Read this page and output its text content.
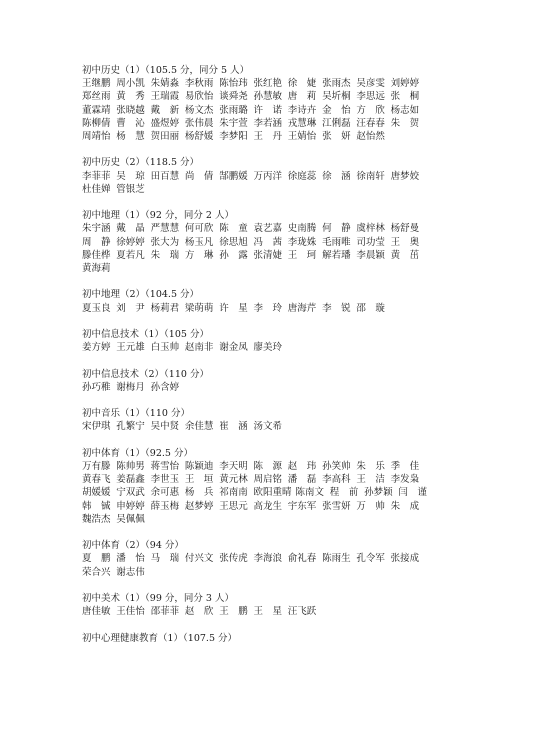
初中历史（1）（105.5 分，同分 5 人）
王继鹏 周小凯 朱婧淼 李秋雨 陈怡玮 张红艳 徐　婕 张雨杰 吴彦雯 刘婷婷
郑丝雨 黄　秀 王瑞霞 易欣怡 谈舜尧 孙慧敏 唐　莉 吴圻桐 李思远 张　桐
董霖靖 张晓越 戴　新 杨文杰 张雨璐 许　诺 李诗卉 金　怡 方　欣 杨志如
陈柳倩 曹　沁 盛煜婷 张伟晨 朱宇萱 李若涵 戎慧琳 江俐磊 汪春春 朱　贺
周靖怡 杨　慧 贺田丽 杨舒媛 李梦阳 王　丹 王婧怡 张　妍 赵怡然
初中历史（2）（118.5 分）
李菲菲 吴　琼 田百慧 尚　倩 郜鹏媛 万丙洋 徐庭蕊 徐　涵 徐南轩 唐梦姣
杜佳婵 管银芝
初中地理（1）（92 分，同分 2 人）
朱宇涵 戴　晶 严慧慧 何可欣 陈　童 袁艺嘉 史南腾 何　静 虞梓林 杨舒曼
周　静 徐婷婷 张大为 杨玉凡 徐思旭 冯　茜 李珑姝 毛雨唯 司功莹 王　奥
滕佳桦 夏若凡 朱　瑞 方　琳 孙　露 张清婕 王　珂 解若璠 李晨颖 黄　茁
黄海莉
初中地理（2）（104.5 分）
夏玉良 刘　尹 杨莉君 梁萌萌 许　星 李　玲 唐海芹 李　锐 邵　璇
初中信息技术（1）（105 分）
姜方婷 王元雄 白玉帅 赵南非 谢金凤 廖美玲
初中信息技术（2）（110 分）
孙巧稚 谢梅月 孙含婷
初中音乐（1）（110 分）
宋伊琪 孔繁宁 吴中贤 余佳慧 崔　涵 汤文希
初中体育（1）（92.5 分）
万有滕 陈帅男 蒋雪怡 陈颖迪 李天明 陈　源 赵　玮 孙笑帅 朱　乐 季　佳
黄春飞 姜磊鑫 李世玉 王　垣 黄元林 周启铭 潘　磊 李高科 王　洁 李发枭
胡媛媛 宁双武 余可惠 杨　兵 祁南南 欧阳重晴 陈南文 程　前 孙梦颖 闫　谨
韩　铖 申婷婷 薛玉梅 赵梦婷 王思元 高龙生 宇东军 张雪妍 万　帅 朱　成
魏浩杰 吴佩佩
初中体育（2）（94 分）
夏　鹏 潘　怡 马　瑞 付兴文 张传虎 李海浪 俞礼春 陈雨生 孔令军 张接成
荣合兴 谢志伟
初中美术（1）（99 分，同分 3 人）
唐佳敏 王佳怡 邵菲菲 赵　欣 王　鹏 王　星 汪飞跃
初中心理健康教育（1）（107.5 分）
